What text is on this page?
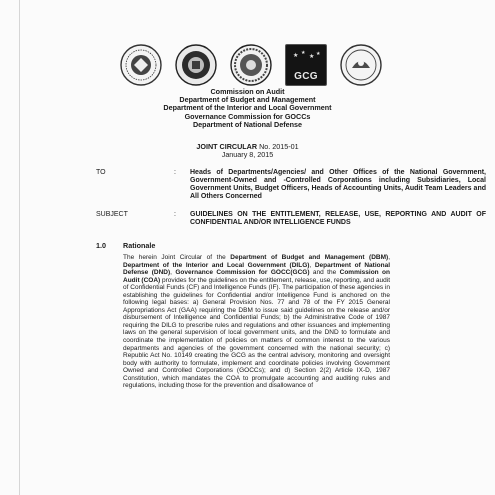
★ ★ ★ ★
GCG
Commission on Audit
Department of Budget and Management
Department of the Interior and Local Government
Governance Commission for GOCCs
Department of National Defense
JOINT CIRCULAR No. 2015-01
January 8, 2015
TO	: Heads of Departments/Agencies/ and Other Offices of the National Government, Government-Owned and -Controlled Corporations including Subsidiaries, Local Government Units, Budget Officers, Heads of Accounting Units, Audit Team Leaders and All Others Concerned
SUBJECT	: GUIDELINES ON THE ENTITLEMENT, RELEASE, USE, REPORTING AND AUDIT OF CONFIDENTIAL AND/OR INTELLIGENCE FUNDS
1.0 Rationale
The herein Joint Circular of the Department of Budget and Management (DBM), Department of the Interior and Local Government (DILG), Department of National Defense (DND), Governance Commission for GOCC(GCG) and the Commission on Audit (COA) provides for the guidelines on the entitlement, release, use, reporting, and audit of Confidential Funds (CF) and Intelligence Funds (IF). The participation of these agencies in establishing the guidelines for Confidential and/or Intelligence Fund is anchored on the following legal bases: a) General Provision Nos. 77 and 78 of the FY 2015 General Appropriations Act (GAA) requiring the DBM to issue said guidelines on the release and/or disbursement of Intelligence and Confidential Funds; b) the Administrative Code of 1987 requiring the DILG to prescribe rules and regulations and other issuances and implementing laws on the general supervision of local government units, and the DND to formulate and coordinate the implementation of policies on matters of common interest to the various departments and agencies of the government concerned with the national security; c) Republic Act No. 10149 creating the GCG as the central advisory, monitoring and oversight body with authority to formulate, implement and coordinate policies involving Government Owned and Controlled Corporations (GOCCs); and d) Section 2(2) Article IX-D, 1987 Constitution, which mandates the COA to promulgate accounting and auditing rules and regulations, including those for the prevention and disallowance of
